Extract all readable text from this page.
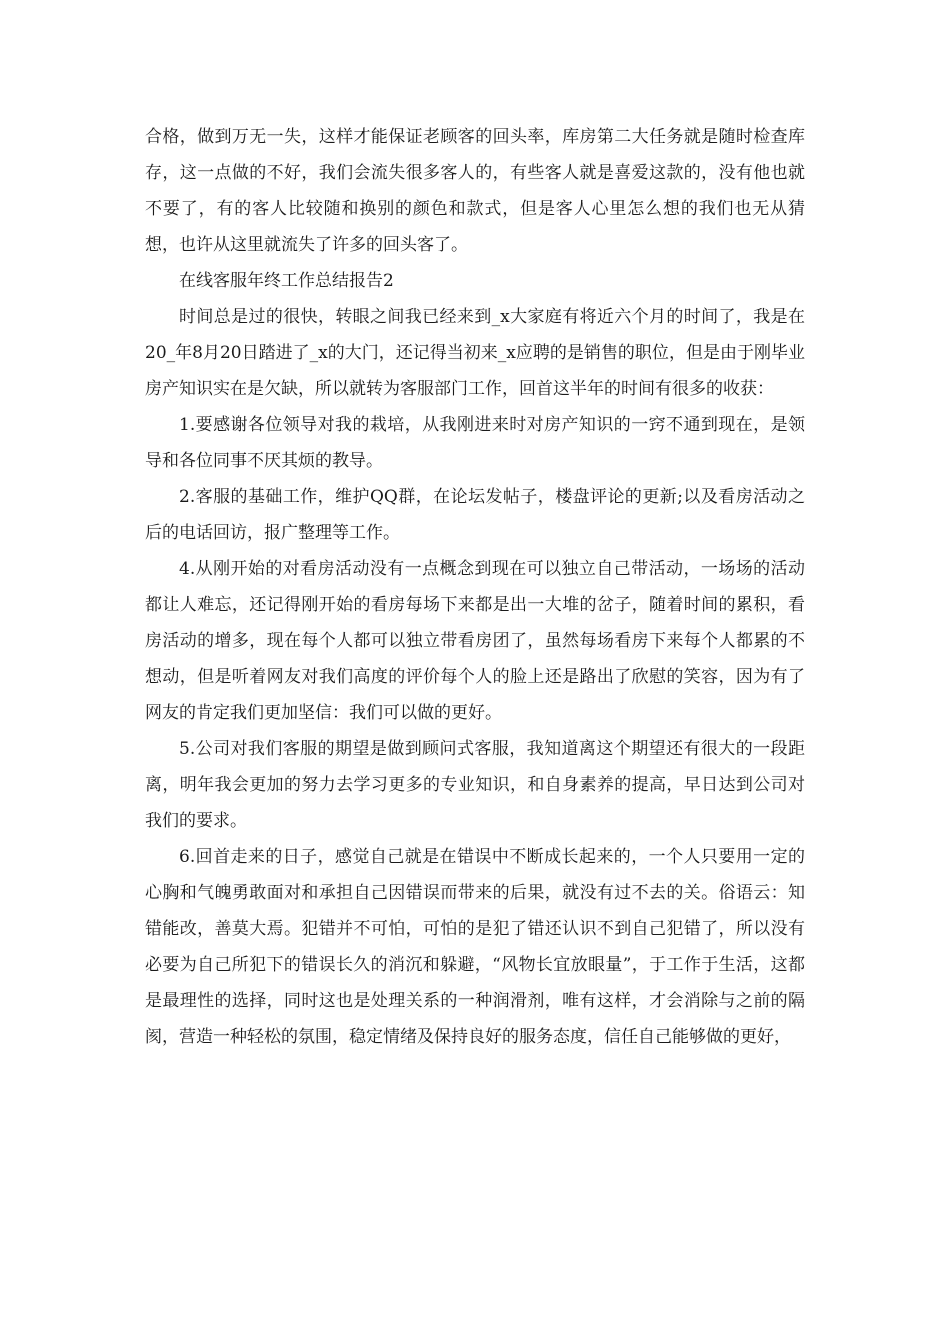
合格，做到万无一失，这样才能保证老顾客的回头率，库房第二大任务就是随时检查库存，这一点做的不好，我们会流失很多客人的，有些客人就是喜爱这款的，没有他也就不要了，有的客人比较随和换别的颜色和款式，但是客人心里怎么想的我们也无从猜想，也许从这里就流失了许多的回头客了。

在线客服年终工作总结报告2

时间总是过的很快，转眼之间我已经来到_x大家庭有将近六个月的时间了，我是在20_年8月20日踏进了_x的大门，还记得当初来_x应聘的是销售的职位，但是由于刚毕业房产知识实在是欠缺，所以就转为客服部门工作，回首这半年的时间有很多的收获：

1.要感谢各位领导对我的栽培，从我刚进来时对房产知识的一窍不通到现在，是领导和各位同事不厌其烦的教导。

2.客服的基础工作，维护QQ群，在论坛发帖子，楼盘评论的更新;以及看房活动之后的电话回访，报广整理等工作。

4.从刚开始的对看房活动没有一点概念到现在可以独立自己带活动，一场场的活动都让人难忘，还记得刚开始的看房每场下来都是出一大堆的岔子，随着时间的累积，看房活动的增多，现在每个人都可以独立带看房团了，虽然每场看房下来每个人都累的不想动，但是听着网友对我们高度的评价每个人的脸上还是路出了欣慰的笑容，因为有了网友的肯定我们更加坚信：我们可以做的更好。

5.公司对我们客服的期望是做到顾问式客服，我知道离这个期望还有很大的一段距离，明年我会更加的努力去学习更多的专业知识，和自身素养的提高，早日达到公司对我们的要求。

6.回首走来的日子，感觉自己就是在错误中不断成长起来的，一个人只要用一定的心胸和气魄勇敢面对和承担自己因错误而带来的后果，就没有过不去的关。俗语云：知错能改，善莫大焉。犯错并不可怕，可怕的是犯了错还认识不到自己犯错了，所以没有必要为自己所犯下的错误长久的消沉和躲避，“风物长宜放眼量”，于工作于生活，这都是最理性的选择，同时这也是处理关系的一种润滑剂，唯有这样，才会消除与之前的隔阂，营造一种轻松的氛围，稳定情绪及保持良好的服务态度，信任自己能够做的更好，
